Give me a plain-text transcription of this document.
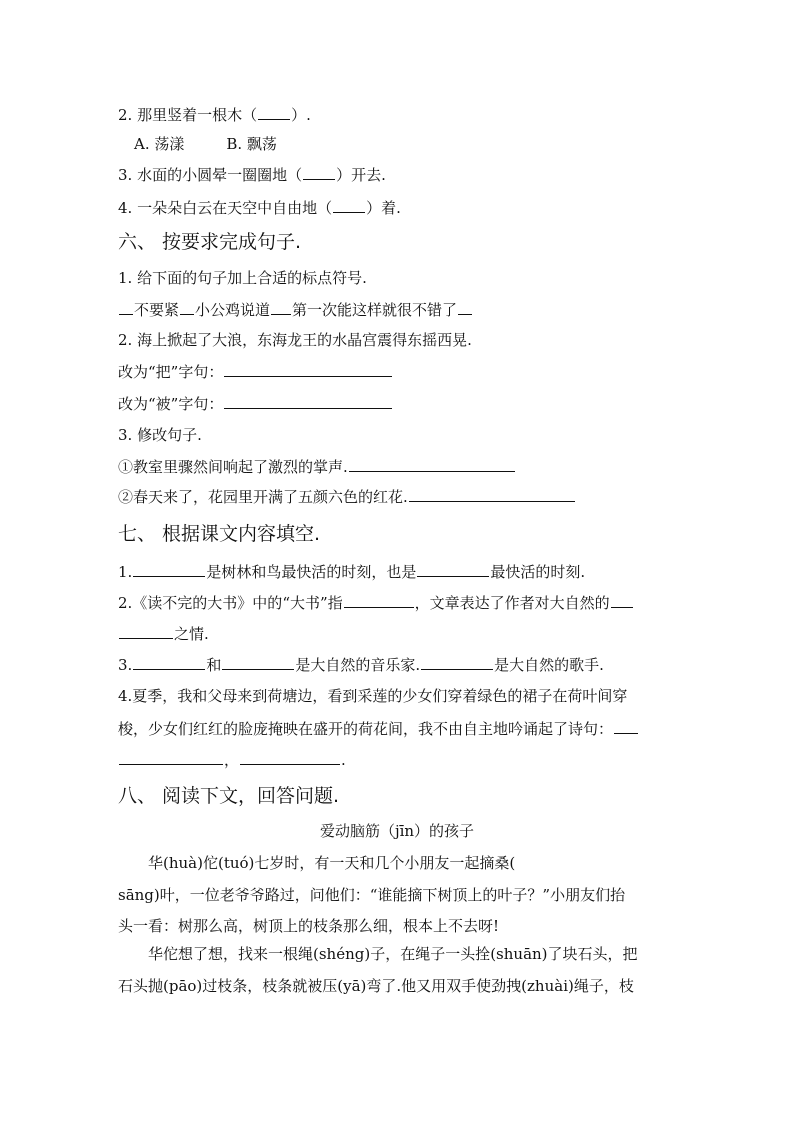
2. 那里竖着一根木（ ）.
A. 荡漾	B. 飘荡
3. 水面的小圆晕一圈圈地（ ）开去.
4. 一朵朵白云在天空中自由地（ ）着.
六、 按要求完成句子.
1. 给下面的句子加上合适的标点符号.
不要紧 小公鸡说道 第一次能这样就很不错了
2. 海上掀起了大浪，东海龙王的水晶宫震得东摇西晃.
改为“把”字句：
改为“被”字句：
3. 修改句子.
①教室里骤然间响起了激烈的掌声.
②春天来了，花园里开满了五颜六色的红花.
七、 根据课文内容填空.
1.	是树林和鸟最快活的时刻，也是	最快活的时刻.
2.《读不完的大书》中的“大书”指	，文章表达了作者对大自然的
之情.
3.	和	是大自然的音乐家.	是大自然的歌手.
4.夏季，我和父母来到荷塘边，看到采莲的少女们穿着绿色的裙子在荷叶间穿
梭，少女们红红的脸庞掩映在盛开的荷花间，我不由自主地吟诵起了诗句：
，	.
八、 阅读下文，回答问题.
爱动脑筋（jīn）的孩子
华(huà)佗(tuó)七岁时，有一天和几个小朋友一起摘桑(
sāng)叶，一位老爷爷路过，问他们：“谁能摘下树顶上的叶子？”小朋友们抬
头一看：树那么高，树顶上的枝条那么细，根本上不去呀!
华佗想了想，找来一根绳(shéng)子，在绳子一头拴(shuān)了块石头，把
石头抛(pāo)过枝条，枝条就被压(yā)弯了.他又用双手使劲拽(zhuài)绳子，枝
